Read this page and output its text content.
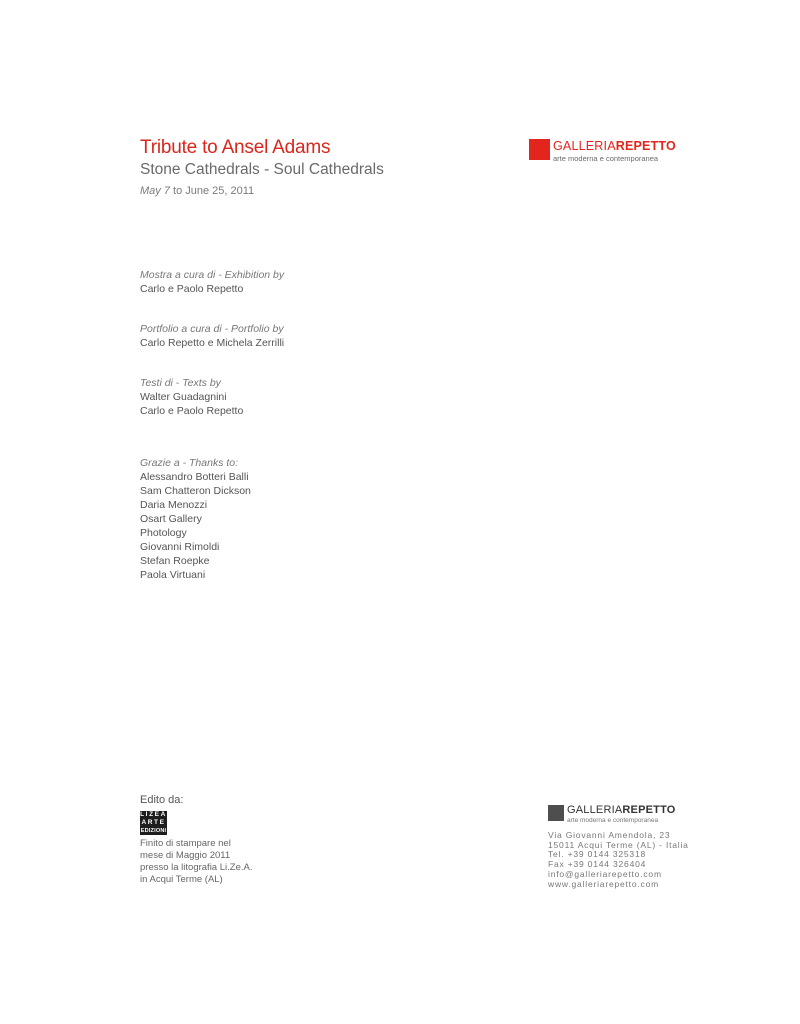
Tribute to Ansel Adams
Stone Cathedrals - Soul Cathedrals
May 7 to June 25, 2011
GALLERIAREPETTO
arte moderna e contemporanea
Mostra a cura di - Exhibition by
Carlo e Paolo Repetto
Portfolio a cura di - Portfolio by
Carlo Repetto e Michela Zerrilli
Testi di - Texts by
Walter Guadagnini
Carlo e Paolo Repetto
Grazie a - Thanks to:
Alessandro Botteri Balli
Sam Chatteron Dickson
Daria Menozzi
Osart Gallery
Photology
Giovanni Rimoldi
Stefan Roepke
Paola Virtuani
Edito da:
LIZEA
ARTE
EDIZIONI
Finito di stampare nel
mese di Maggio 2011
presso la litografia Li.Ze.A.
in Acqui Terme (AL)
GALLERIAREPETTO
arte moderna e contemporanea
Via Giovanni Amendola, 23
15011 Acqui Terme (AL) - Italia
Tel. +39 0144 325318
Fax +39 0144 326404
info@galleriarepetto.com
www.galleriarepetto.com
